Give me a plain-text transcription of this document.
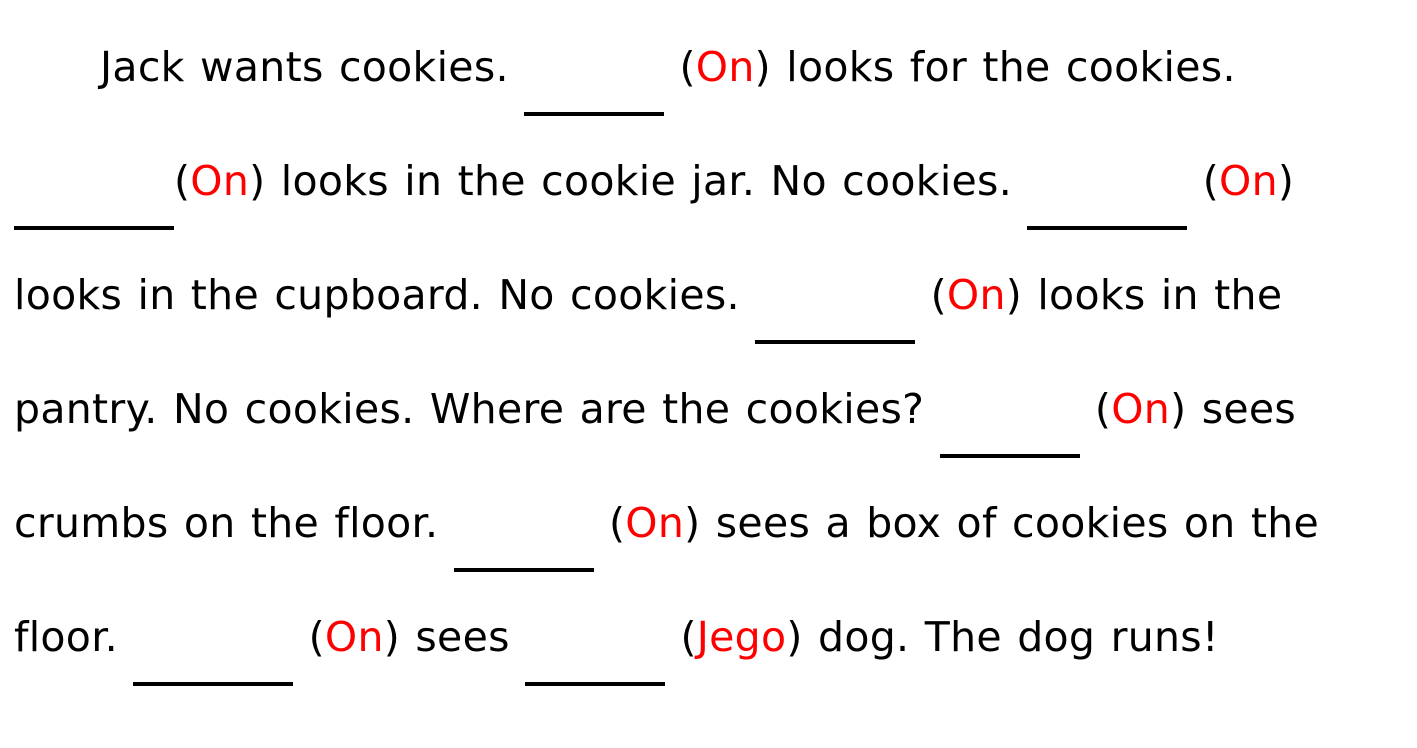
Jack wants cookies.	(On) looks for the cookies.  (On) looks in the cookie jar. No cookies.	(On) looks in the cupboard. No cookies.	(On) looks in the pantry. No cookies. Where are the cookies?	(On) sees crumbs on the floor.	(On) sees a box of cookies on the floor.	(On) sees	(Jego) dog. The dog runs!
